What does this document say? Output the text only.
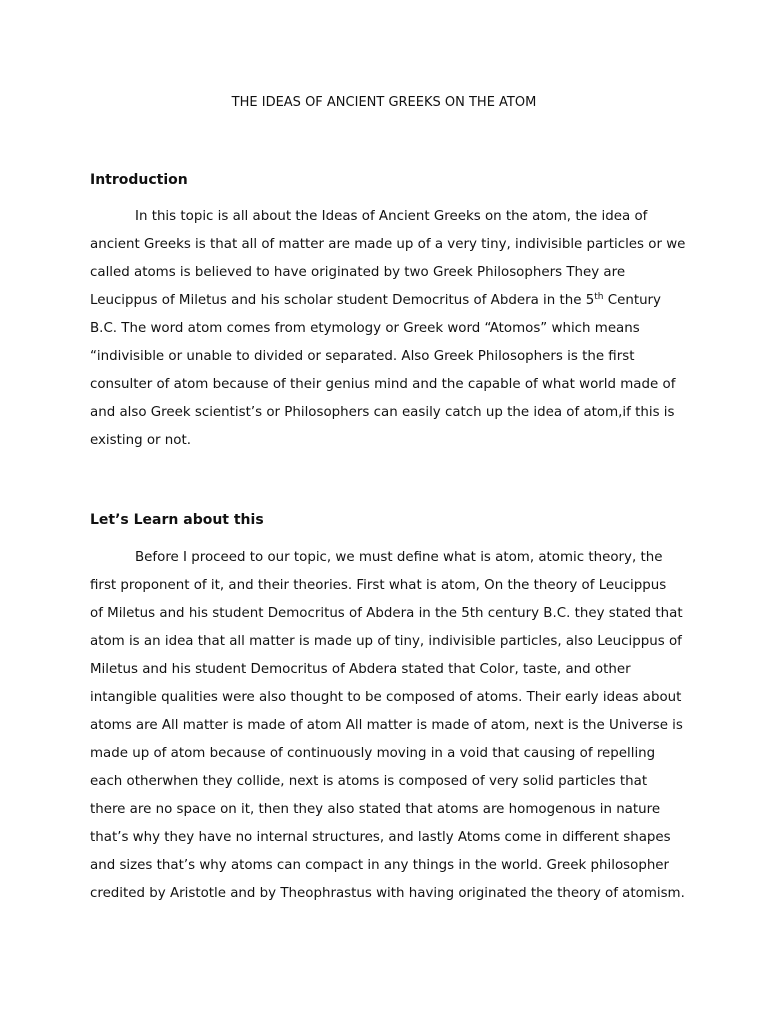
THE IDEAS OF ANCIENT GREEKS ON THE ATOM
Introduction
In this topic is all about the Ideas of Ancient Greeks on the atom, the idea of
ancient Greeks is that all of matter are made up of a very tiny, indivisible particles or we
called atoms is believed to have originated by two Greek Philosophers They are
Leucippus of Miletus and his scholar student Democritus of Abdera in the 5th Century
B.C. The word atom comes from etymology or Greek word “Atomos” which means
“indivisible or unable to divided or separated. Also Greek Philosophers is the first
consulter of atom because of their genius mind and the capable of what world made of
and also Greek scientist’s or Philosophers can easily catch up the idea of atom,if this is
existing or not.
Let’s Learn about this
Before I proceed to our topic, we must define what is atom, atomic theory, the
first proponent of it, and their theories. First what is atom, On the theory of Leucippus
of Miletus and his student Democritus of Abdera in the 5th century B.C. they stated that
atom is an idea that all matter is made up of tiny, indivisible particles, also Leucippus of
Miletus and his student Democritus of Abdera stated that Color, taste, and other
intangible qualities were also thought to be composed of atoms. Their early ideas about
atoms are All matter is made of atom All matter is made of atom, next is the Universe is
made up of atom because of continuously moving in a void that causing of repelling
each otherwhen they collide, next is atoms is composed of very solid particles that
there are no space on it, then they also stated that atoms are homogenous in nature
that’s why they have no internal structures, and lastly Atoms come in different shapes
and sizes that’s why atoms can compact in any things in the world. Greek philosopher
credited by Aristotle and by Theophrastus with having originated the theory of atomism.
